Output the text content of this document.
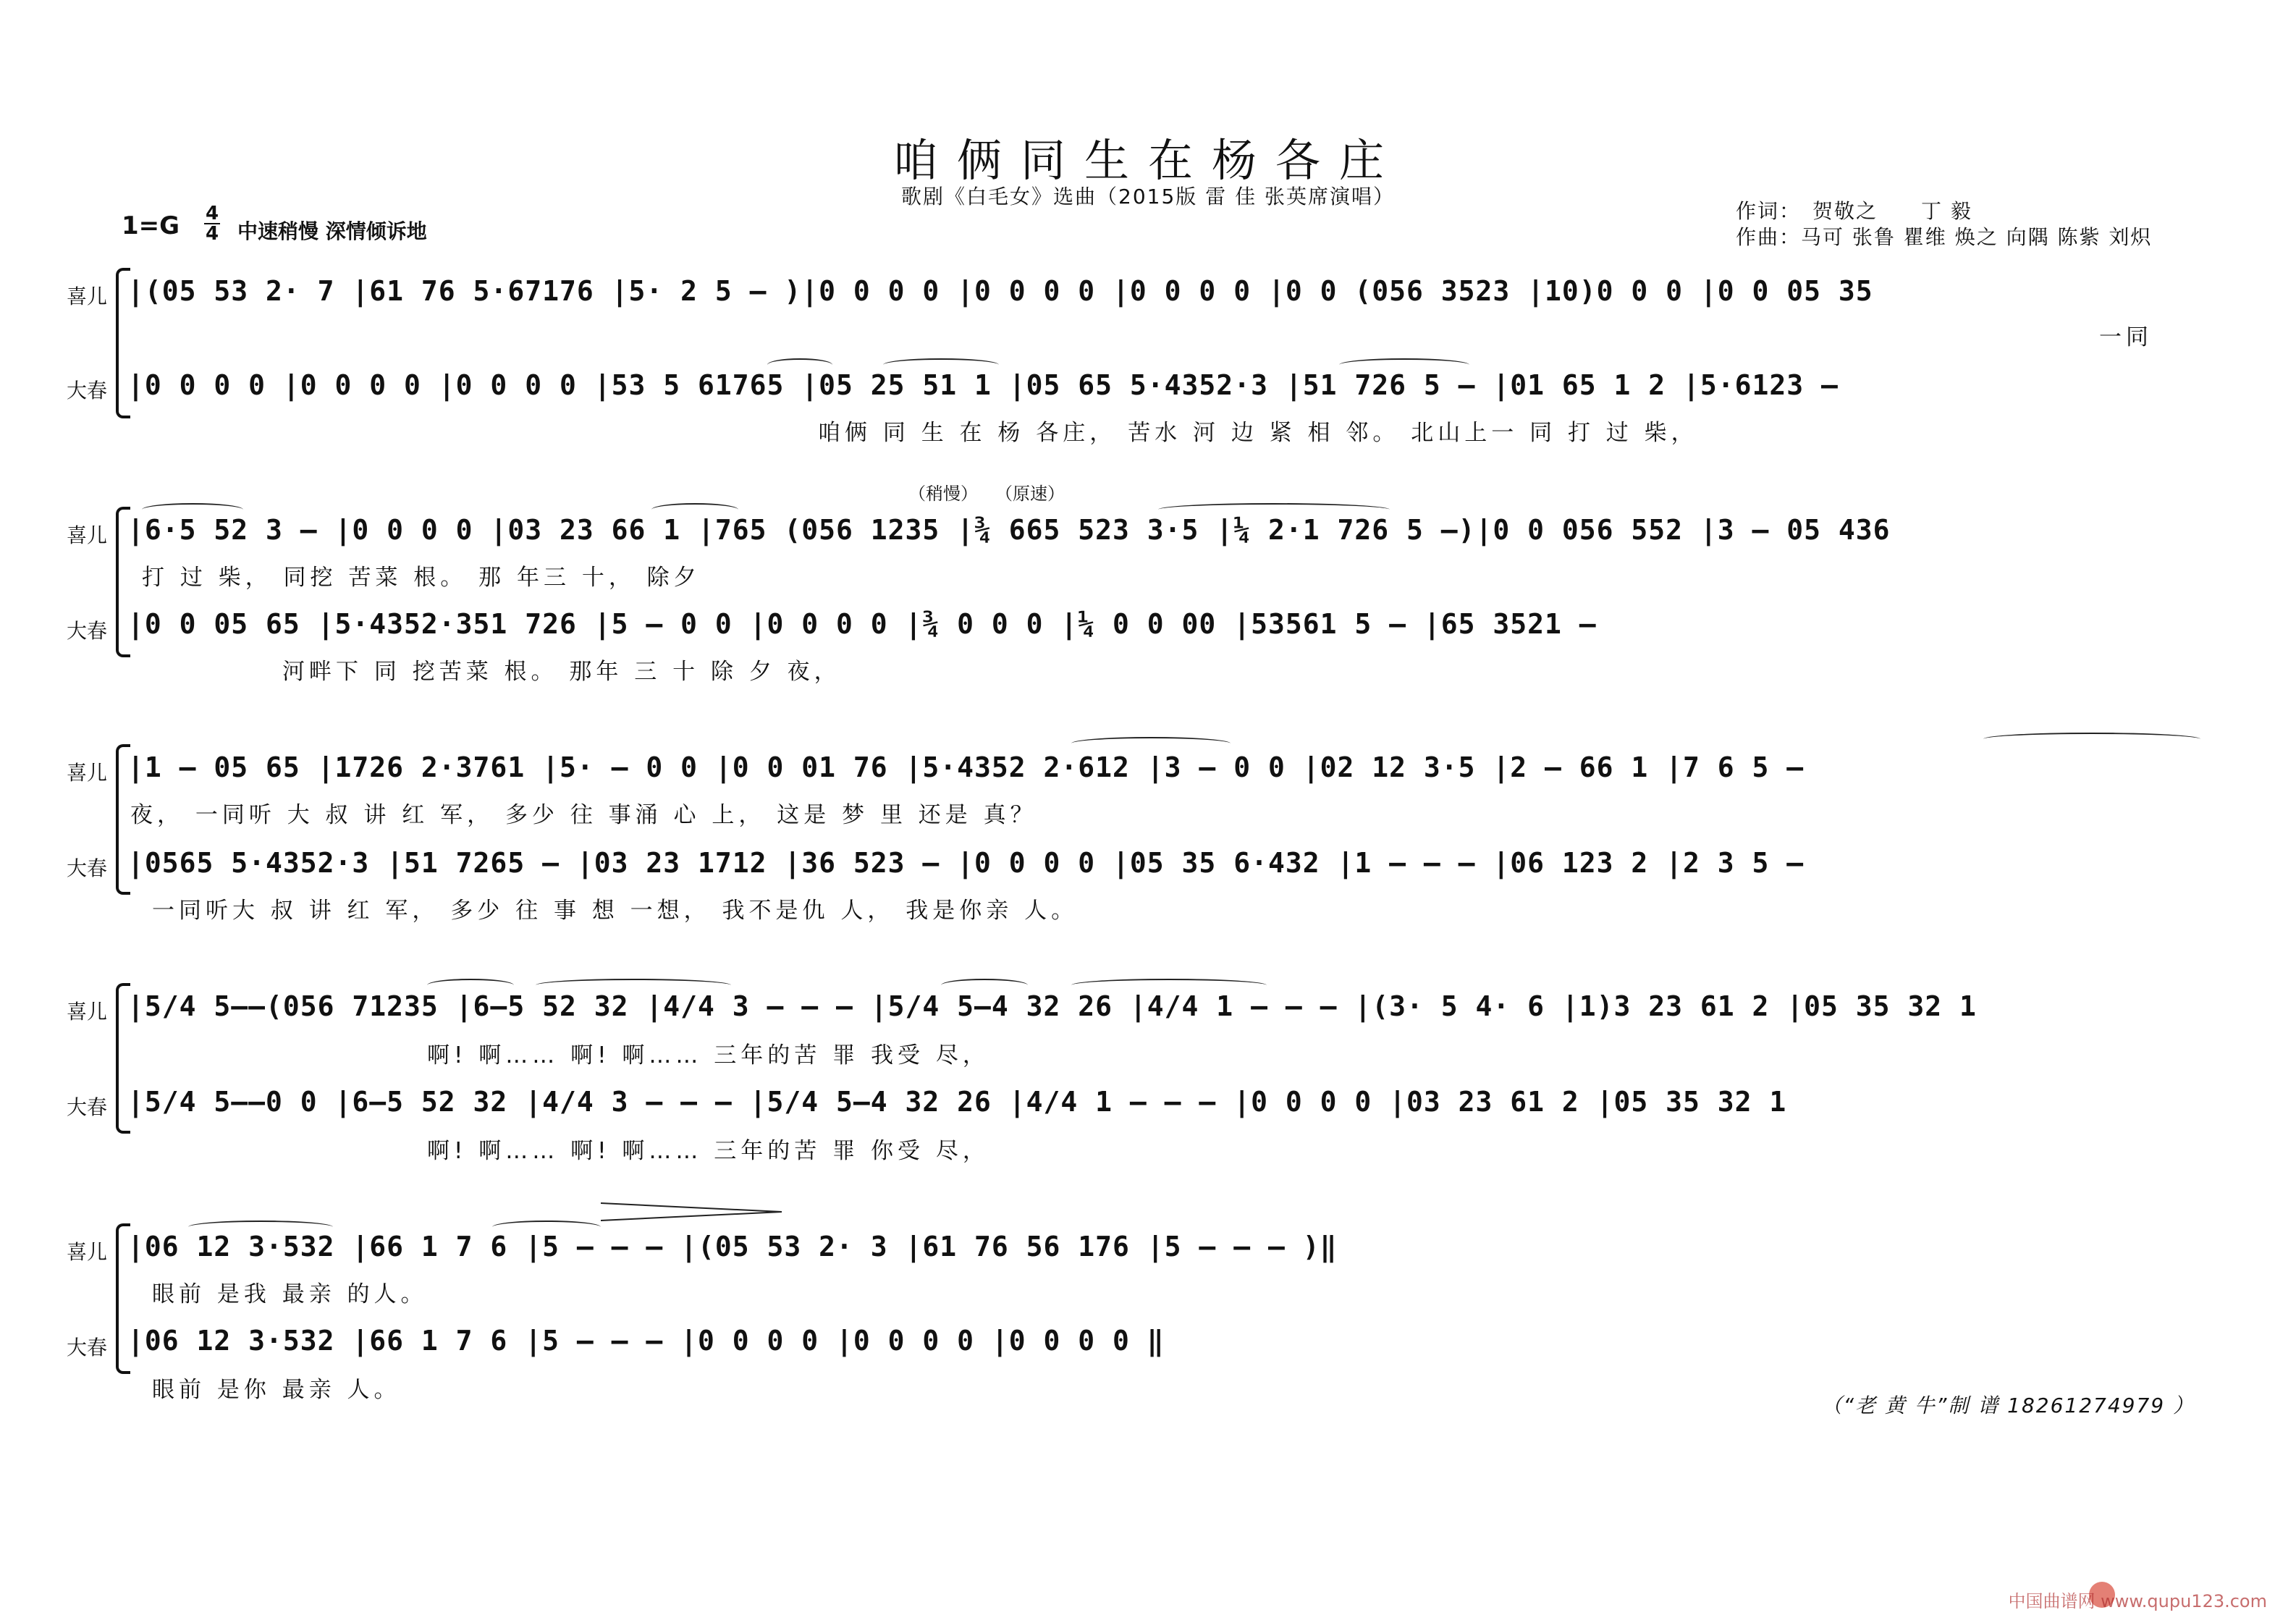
咱俩同生在杨各庄
歌剧《白毛女》选曲（2015版 雷 佳 张英席演唱）
作词：　贺敬之　　丁 毅
作曲：马可 张鲁 瞿维 焕之 向隅 陈紫 刘炽
1=G 4
4 中速稍慢 深情倾诉地
喜儿
大春
|(05 53 2· 7 |61 76 5·67176 |5· 2 5 – )|0 0 0 0 |0 0 0 0 |0 0 0 0 |0 0 (056 3523 |10)0 0 0 |0 0 05 35
一同
|0 0 0 0 |0 0 0 0 |0 0 0 0 |53 5 61765 |05 25 51 1 |05 65 5·4352·3 |51 726 5 – |01 65 1 2 |5·6123 –
咱俩 同 生 在 杨 各庄， 苦水 河 边 紧 相 邻。 北山上一 同 打 过 柴，
喜儿
大春
（稍慢）　　（原速）
|6·5 52 3 – |0 0 0 0 |03 23 66 1 |765 (056 1235 |¾ 665 523 3·5 |¼ 2·1 726 5 –)|0 0 056 552 |3 – 05 436
打 过 柴， 同挖 苦菜 根。 那 年三 十， 除夕
|0 0 05 65 |5·4352·351 726 |5 – 0 0 |0 0 0 0 |¾ 0 0 0 |¼ 0 0 00 |53561 5 – |65 3521 –
河畔下 同 挖苦菜 根。 那年 三 十 除 夕 夜，
喜儿
大春
|1 – 05 65 |1726 2·3761 |5· – 0 0 |0 0 01 76 |5·4352 2·612 |3 – 0 0 |02 12 3·5 |2 – 66 1 |7 6 5 –
夜， 一同听 大 叔 讲 红 军， 多少 往 事涌 心 上， 这是 梦 里 还是 真？
|0565 5·4352·3 |51 7265 – |03 23 1712 |36 523 – |0 0 0 0 |05 35 6·432 |1 – – – |06 123 2 |2 3 5 –
一同听大 叔 讲 红 军， 多少 往 事 想 一想， 我不是仇 人， 我是你亲 人。
喜儿
大春
|5/4 5––(056 71235 |6–5 52 32 |4/4 3 – – – |5/4 5–4 32 26 |4/4 1 – – – |(3· 5 4· 6 |1)3 23 61 2 |05 35 32 1
啊! 啊…… 啊! 啊…… 三年的苦 罪 我受 尽，
|5/4 5––0 0 |6–5 52 32 |4/4 3 – – – |5/4 5–4 32 26 |4/4 1 – – – |0 0 0 0 |03 23 61 2 |05 35 32 1
啊! 啊…… 啊! 啊…… 三年的苦 罪 你受 尽，
喜儿
大春
|06 12 3·532 |66 1 7 6 |5 – – – |(05 53 2· 3 |61 76 56 176 |5 – – – )‖
眼前 是我 最亲 的人。
|06 12 3·532 |66 1 7 6 |5 – – – |0 0 0 0 |0 0 0 0 |0 0 0 0 ‖
眼前 是你 最亲 人。
（“老 黄 牛”制 谱 18261274979 ）
中国曲谱网 www.qupu123.com
